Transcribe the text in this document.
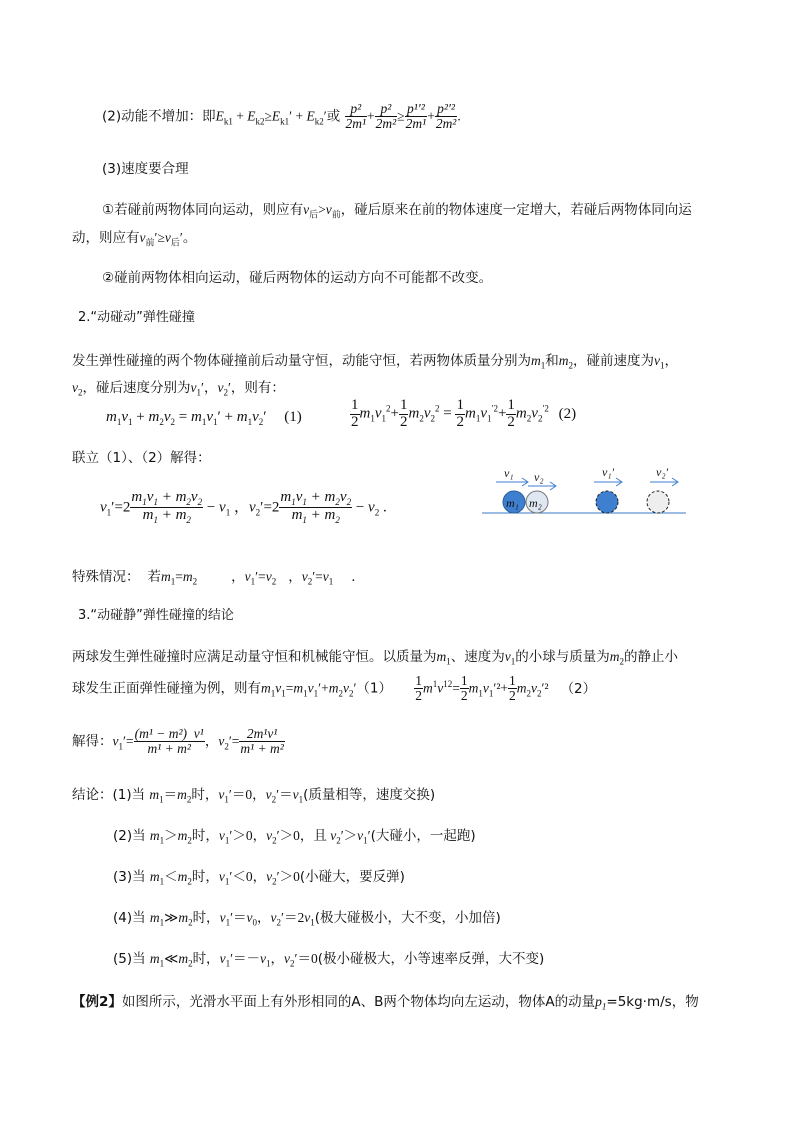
(2)动能不增加：即$E_{k1} + E_{k2}\ge E_{k1}' + E_{k2}'$或 $\frac{\text{p²}}{\text{2m¹}} + \frac{\text{p²}}{\text{2m²}} \ge \frac{\text{p¹′²}}{\text{2m¹}} + \frac{\text{p²′²}}{\text{2m²}}$ .
(3)速度要合理
①若碰前两物体同向运动，则应有$v_后>v_前$，碰后原来在前的物体速度一定增大，若碰后两物体同向运
动，则应有$v_前'\ge v_后'$。
②碰前两物体相向运动，碰后两物体的运动方向不可能都不改变。
2.“动碰动”弹性碰撞
发生弹性碰撞的两个物体碰撞前后动量守恒，动能守恒，若两物体质量分别为$m_1$和$m_2$，碰前速度为$v_1$，
$v_2$，碰后速度分别为$v_1'$，$v_2'$，则有：
$m_1v_1 + m_2v_2 = m_1v_1' + m_1v_2'$ (1)	$\frac{1}{2} m_1v_1^2+ \frac{1}{2} m_2v_2^2 = \frac{1}{2} m_1v_1^{'2}+ \frac{1}{2} m_2v_2^{'2}$ (2)
联立（1）、（2）解得：
$v_1'=2 \frac{m_1v_1 + m_2v_2}{m_1 + m_2} - v_1$ ，$v_2'=2 \frac{m_1v_1 + m_2v_2}{m_1 + m_2} - v_2$ .
v₁ v₂	v₁′	v₂′
m₁ m₂
特殊情况： 若$m_1=m_2$	，$v_1'=v_2$ ，$v_2'=v_1$ .
3.“动碰静”弹性碰撞的结论
两球发生弹性碰撞时应满足动量守恒和机械能守恒。以质量为$m_1$、速度为$v_1$的小球与质量为$m_2$的静止小
球发生正面弹性碰撞为例，则有$m_1v_1=m_1v_1'+m_2v_2'(1) \frac{1}{2} m^1v^{12}= \frac{1}{2} m_1v_1'^2+ \frac{1}{2} m_2v_2'^2$ （2）
解得：$v_1'= \frac{\text{(m¹ − m²)  v¹}}{\text{m¹ + m²}}$ ，$v_2'= \frac{\text{2m¹v¹}}{\text{m¹ + m²}}$
结论：(1)当 $m_1=m_2$时，$v_1'=0$，$v_2'=v_1$(质量相等，速度交换)
(2)当 $m_1>m_2$时，$v_1'>0$，$v_2'>0$，且 $v_2'>v_1'$(大碰小，一起跑)
(3)当 $m_1<m_2$时，$v_1'<0$，$v_2'>0$(小碰大，要反弹)
(4)当 $m_1≫m_2$时，$v_1'=v_0$，$v_2'=2v_1$(极大碰极小，大不变，小加倍)
(5)当 $m_1≪m_2$时，$v_1'=-v_1$，$v_2'=0$(极小碰极大，小等速率反弹，大不变)
【例2】如图所示，光滑水平面上有外形相同的A、B两个物体均向左运动，物体A的动量$p_1=5kg\cdot m/s$，物
